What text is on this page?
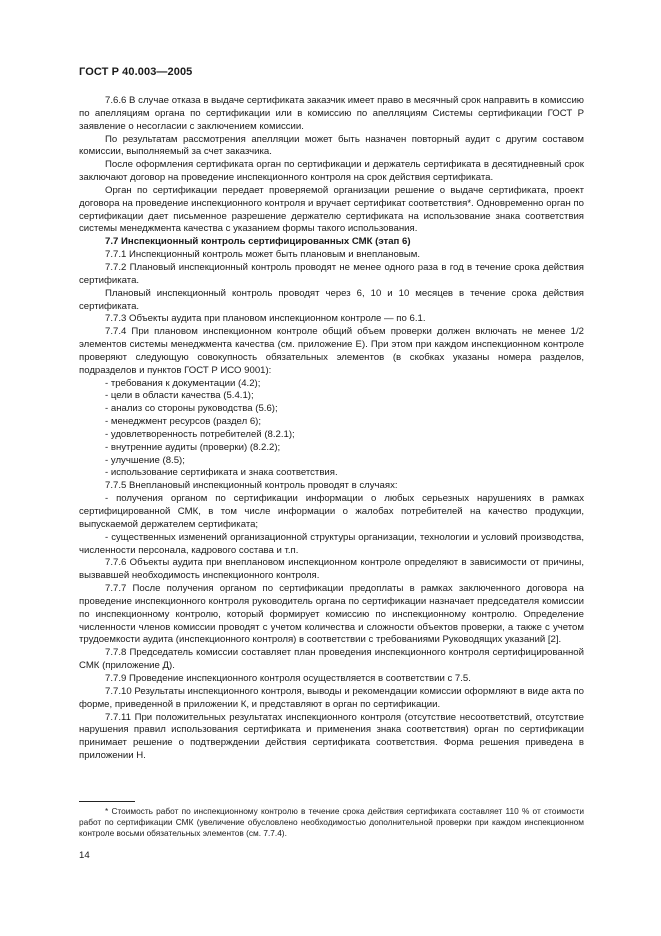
ГОСТ Р 40.003—2005

7.6.6 В случае отказа в выдаче сертификата заказчик имеет право в месячный срок направить в комиссию по апелляциям органа по сертификации или в комиссию по апелляциям Системы сертификации ГОСТ Р заявление о несогласии с заключением комиссии.

По результатам рассмотрения апелляции может быть назначен повторный аудит с другим составом комиссии, выполняемый за счет заказчика.

После оформления сертификата орган по сертификации и держатель сертификата в десятидневный срок заключают договор на проведение инспекционного контроля на срок действия сертификата.

Орган по сертификации передает проверяемой организации решение о выдаче сертификата, проект договора на проведение инспекционного контроля и вручает сертификат соответствия*. Одновременно орган по сертификации дает письменное разрешение держателю сертификата на использование знака соответствия системы менеджмента качества с указанием формы такого использования.

7.7 Инспекционный контроль сертифицированных СМК (этап 6)

7.7.1 Инспекционный контроль может быть плановым и внеплановым.

7.7.2 Плановый инспекционный контроль проводят не менее одного раза в год в течение срока действия сертификата.

Плановый инспекционный контроль проводят через 6, 10 и 10 месяцев в течение срока действия сертификата.

7.7.3 Объекты аудита при плановом инспекционном контроле — по 6.1.

7.7.4 При плановом инспекционном контроле общий объем проверки должен включать не менее 1/2 элементов системы менеджмента качества (см. приложение Е). При этом при каждом инспекционном контроле проверяют следующую совокупность обязательных элементов (в скобках указаны номера разделов, подразделов и пунктов ГОСТ Р ИСО 9001):

- требования к документации (4.2);

- цели в области качества (5.4.1);

- анализ со стороны руководства (5.6);

- менеджмент ресурсов (раздел 6);

- удовлетворенность потребителей (8.2.1);

- внутренние аудиты (проверки) (8.2.2);

- улучшение (8.5);

- использование сертификата и знака соответствия.

7.7.5 Внеплановый инспекционный контроль проводят в случаях:

- получения органом по сертификации информации о любых серьезных нарушениях в рамках сертифицированной СМК, в том числе информации о жалобах потребителей на качество продукции, выпускаемой держателем сертификата;

- существенных изменений организационной структуры организации, технологии и условий производства, численности персонала, кадрового состава и т.п.

7.7.6 Объекты аудита при внеплановом инспекционном контроле определяют в зависимости от причины, вызвавшей необходимость инспекционного контроля.

7.7.7 После получения органом по сертификации предоплаты в рамках заключенного договора на проведение инспекционного контроля руководитель органа по сертификации назначает председателя комиссии по инспекционному контролю, который формирует комиссию по инспекционному контролю. Определение численности членов комиссии проводят с учетом количества и сложности объектов проверки, а также с учетом трудоемкости аудита (инспекционного контроля) в соответствии с требованиями Руководящих указаний [2].

7.7.8 Председатель комиссии составляет план проведения инспекционного контроля сертифицированной СМК (приложение Д).

7.7.9 Проведение инспекционного контроля осуществляется в соответствии с 7.5.

7.7.10 Результаты инспекционного контроля, выводы и рекомендации комиссии оформляют в виде акта по форме, приведенной в приложении К, и представляют в орган по сертификации.

7.7.11 При положительных результатах инспекционного контроля (отсутствие несоответствий, отсутствие нарушения правил использования сертификата и применения знака соответствия) орган по сертификации принимает решение о подтверждении действия сертификата соответствия. Форма решения приведена в приложении Н.

* Стоимость работ по инспекционному контролю в течение срока действия сертификата составляет 110 % от стоимости работ по сертификации СМК (увеличение обусловлено необходимостью дополнительной проверки при каждом инспекционном контроле восьми обязательных элементов (см. 7.7.4).

14
